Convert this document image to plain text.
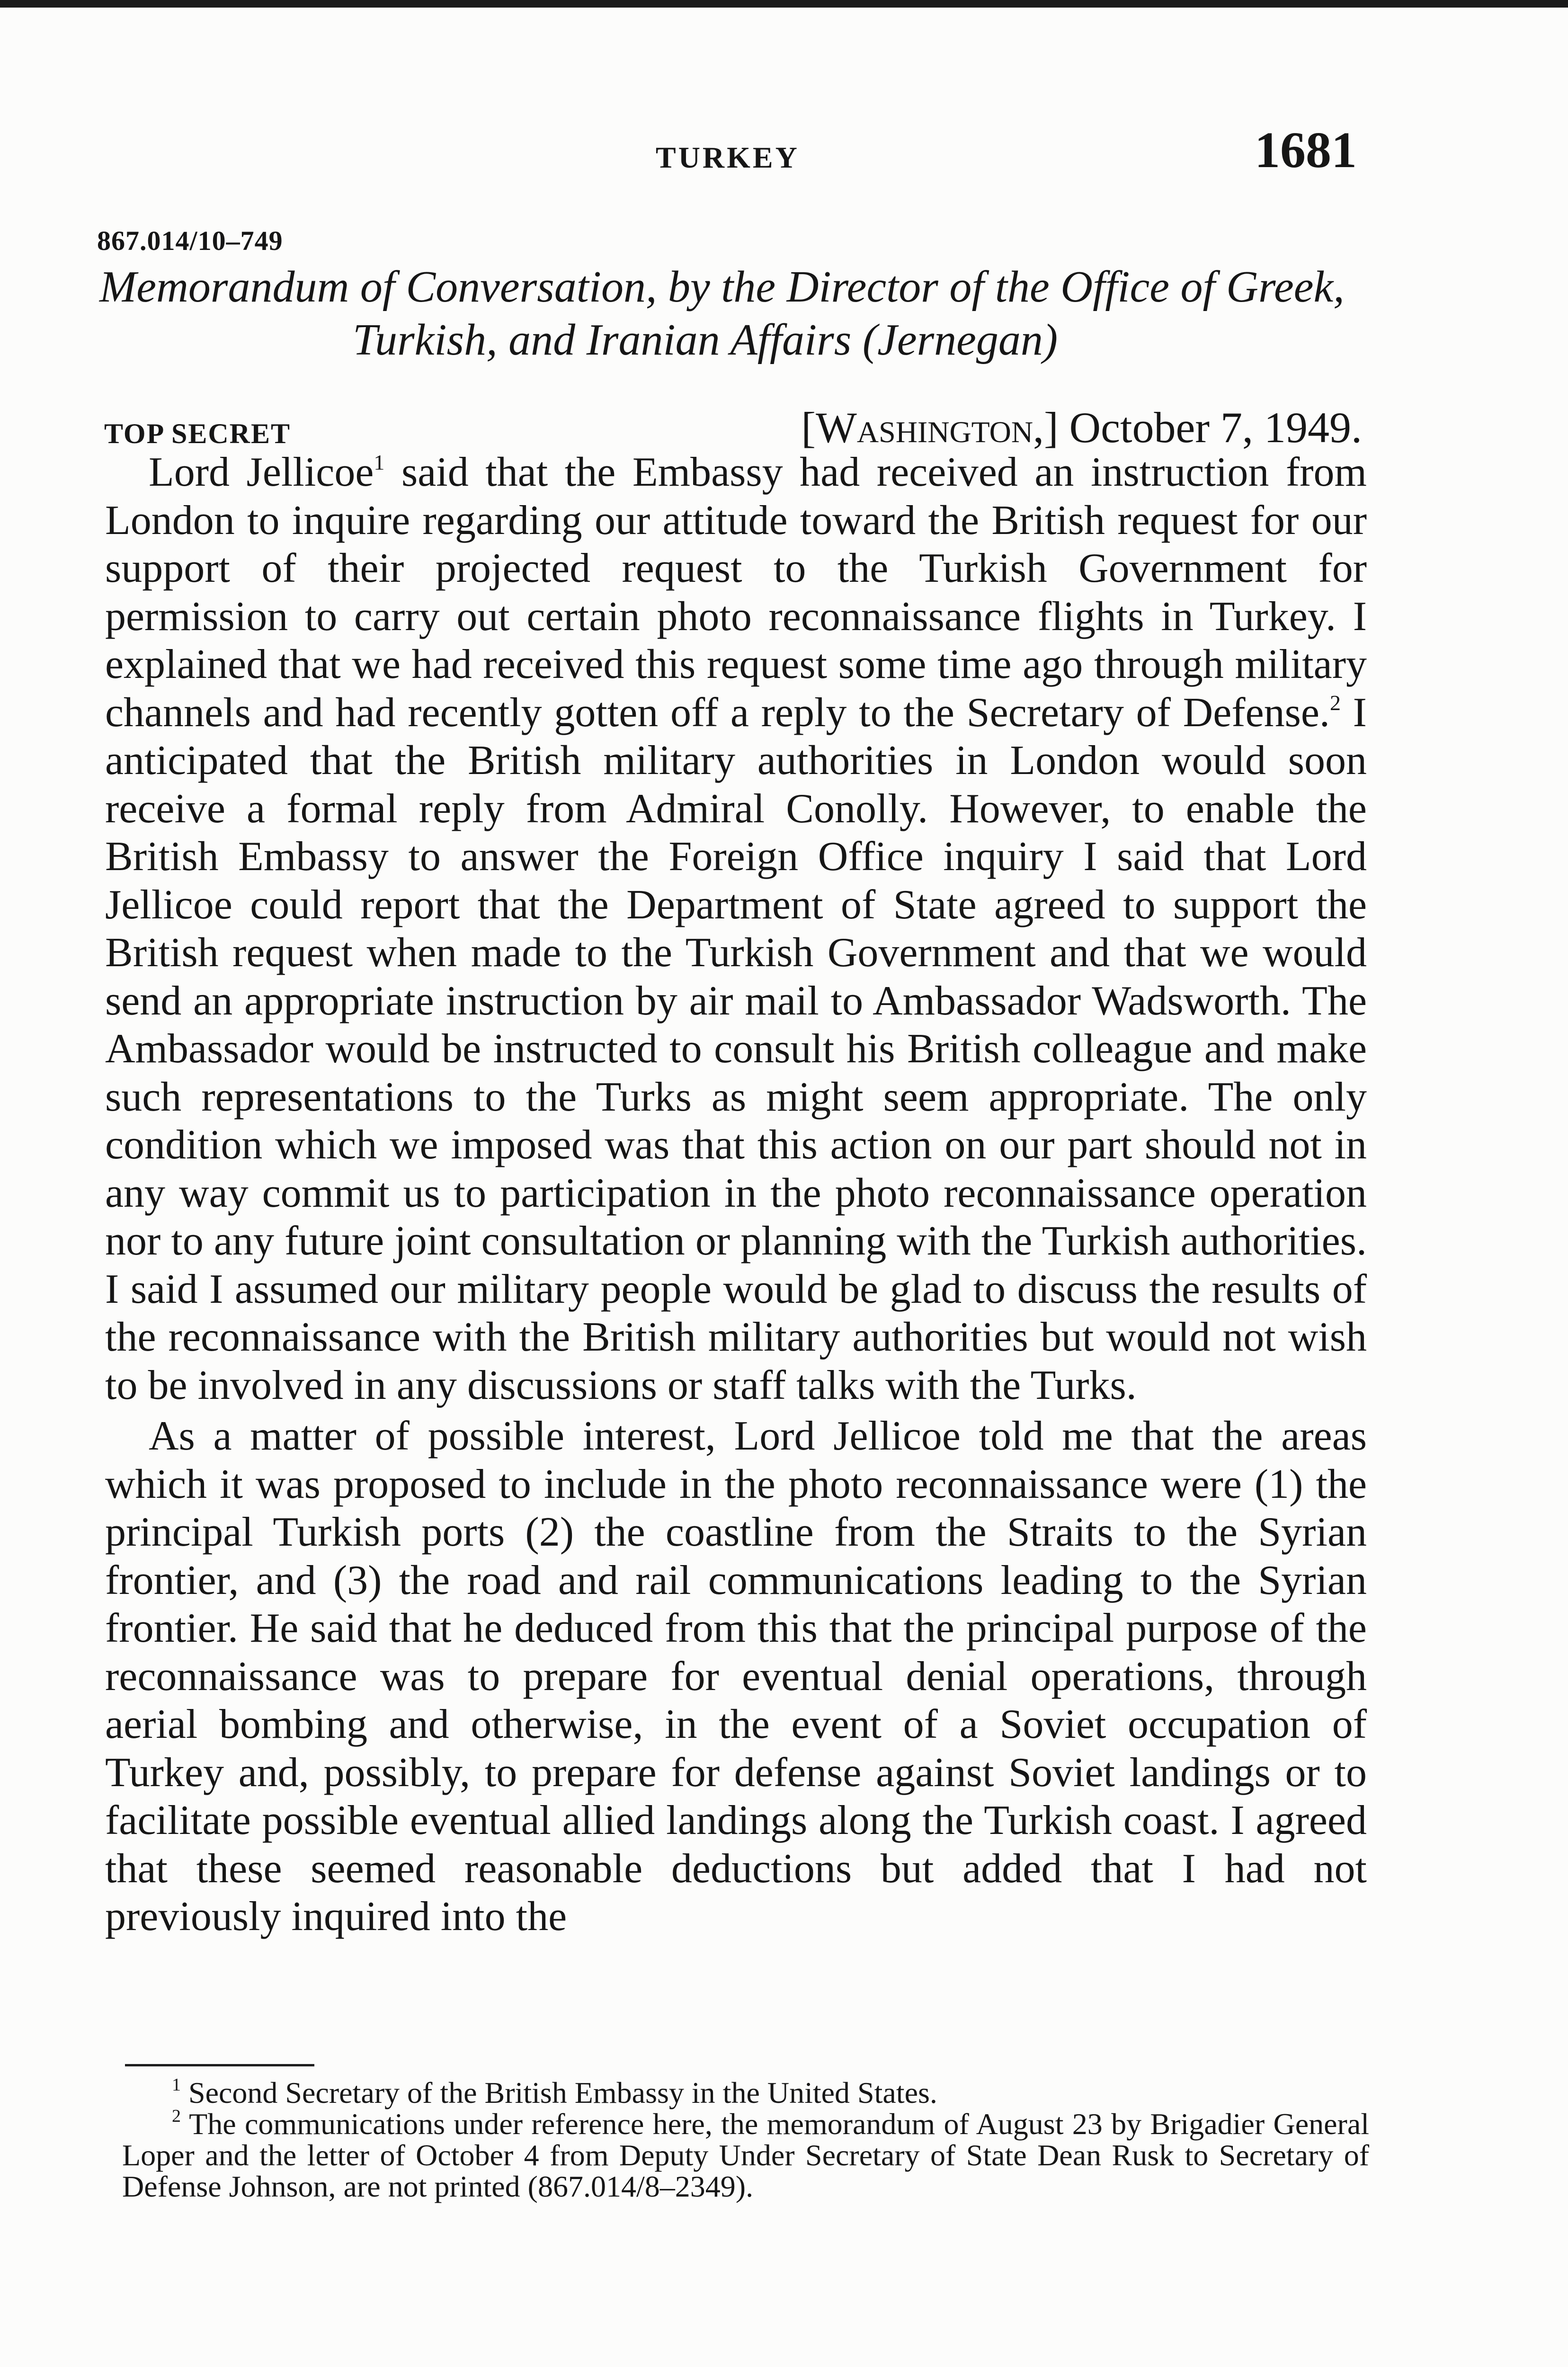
TURKEY	1681
867.014/10–749
Memorandum of Conversation, by the Director of the Office of Greek,
Turkish, and Iranian Affairs (Jernegan)
TOP SECRET	[Washington,] October 7, 1949.

Lord Jellicoe$^1$ said that the Embassy had received an instruction from London to inquire regarding our attitude toward the British request for our support of their projected request to the Turkish Government for permission to carry out certain photo reconnaissance flights in Turkey. I explained that we had received this request some time ago through military channels and had recently gotten off a reply to the Secretary of Defense.$^2$ I anticipated that the British military authorities in London would soon receive a formal reply from Admiral Conolly. However, to enable the British Embassy to answer the Foreign Office inquiry I said that Lord Jellicoe could report that the Department of State agreed to support the British request when made to the Turkish Government and that we would send an appropriate instruction by air mail to Ambassador Wadsworth. The Ambassador would be instructed to consult his British colleague and make such representations to the Turks as might seem appropriate. The only condition which we imposed was that this action on our part should not in any way commit us to participation in the photo reconnaissance operation nor to any future joint consultation or planning with the Turkish authorities. I said I assumed our military people would be glad to discuss the results of the reconnaissance with the British military authorities but would not wish to be involved in any discussions or staff talks with the Turks.

As a matter of possible interest, Lord Jellicoe told me that the areas which it was proposed to include in the photo reconnaissance were (1) the principal Turkish ports (2) the coastline from the Straits to the Syrian frontier, and (3) the road and rail communications leading to the Syrian frontier. He said that he deduced from this that the principal purpose of the reconnaissance was to prepare for eventual denial operations, through aerial bombing and otherwise, in the event of a Soviet occupation of Turkey and, possibly, to prepare for defense against Soviet landings or to facilitate possible eventual allied landings along the Turkish coast. I agreed that these seemed reasonable deductions but added that I had not previously inquired into the

$^1$ Second Secretary of the British Embassy in the United States.

$^2$ The communications under reference here, the memorandum of August 23 by Brigadier General Loper and the letter of October 4 from Deputy Under Secretary of State Dean Rusk to Secretary of Defense Johnson, are not printed (867.014/8–2349).
